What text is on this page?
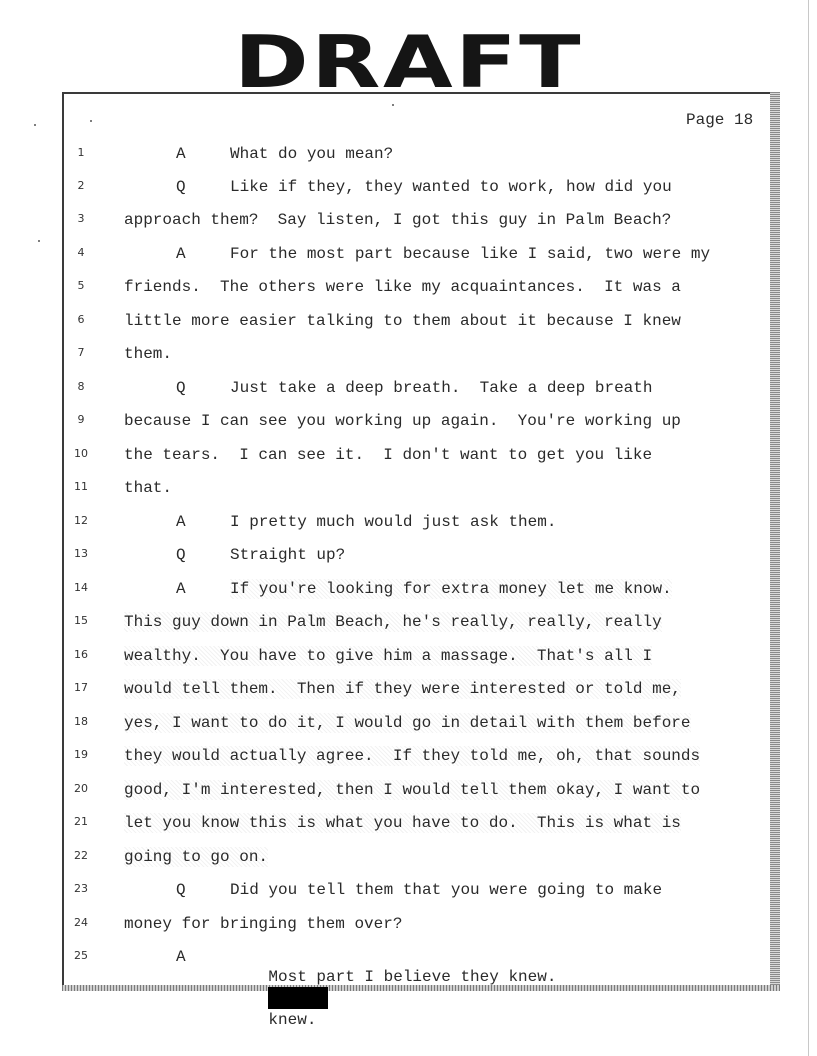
DRAFT
Page 18
1	A	What do you mean?
2	Q	Like if they, they wanted to work, how did you
3	approach them?  Say listen, I got this guy in Palm Beach?
4	A	For the most part because like I said, two were my
5	friends.  The others were like my acquaintances.  It was a
6	little more easier talking to them about it because I knew
7	them.
8	Q	Just take a deep breath.  Take a deep breath
9	because I can see you working up again.  You're working up
10	the tears.  I can see it.  I don't want to get you like
11	that.
12	A	I pretty much would just ask them.
13	Q	Straight up?
14	A	If you're looking for extra money let me know.
15	This guy down in Palm Beach, he's really, really, really
16	wealthy.  You have to give him a massage.  That's all I
17	would tell them.  Then if they were interested or told me,
18	yes, I want to do it, I would go in detail with them before
19	they would actually agree.  If they told me, oh, that sounds
20	good, I'm interested, then I would tell them okay, I want to
21	let you know this is what you have to do.  This is what is
22	going to go on.
23	Q	Did you tell them that you were going to make
24	money for bringing them over?
25	A

Most part I believe they knew.

knew.
